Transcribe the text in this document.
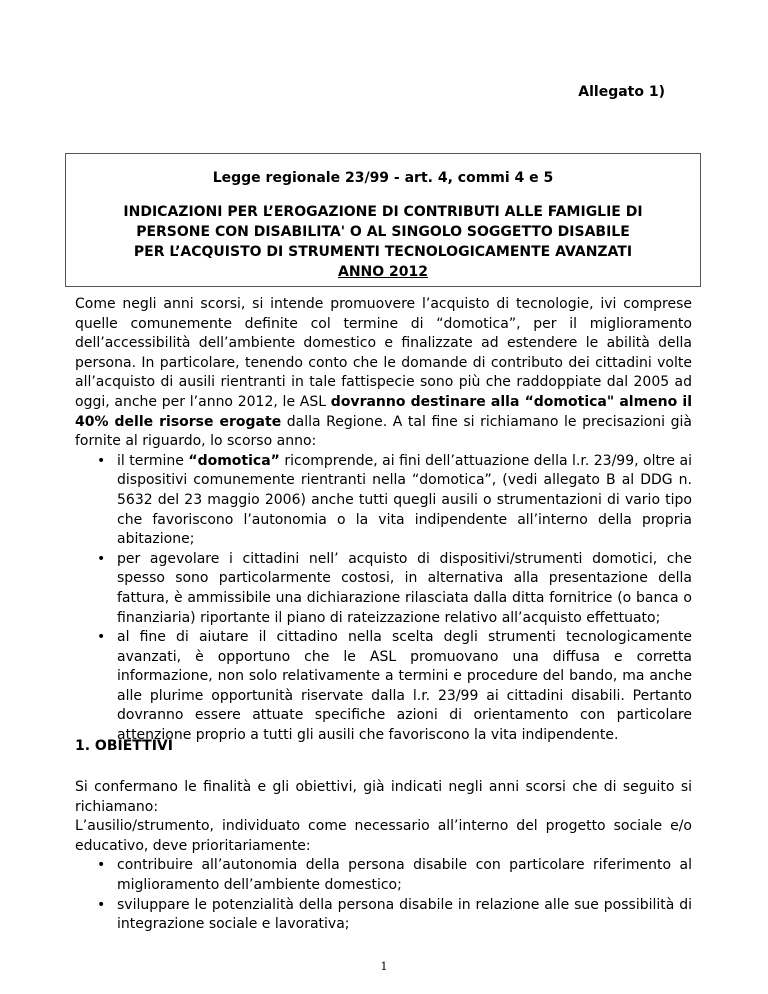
Allegato 1)
Legge regionale 23/99 - art. 4, commi 4 e 5
INDICAZIONI PER L’EROGAZIONE DI CONTRIBUTI ALLE FAMIGLIE DI
PERSONE CON DISABILITA' O AL SINGOLO SOGGETTO DISABILE
PER L’ACQUISTO DI STRUMENTI TECNOLOGICAMENTE AVANZATI
ANNO 2012
Come negli anni scorsi, si intende promuovere l’acquisto di tecnologie, ivi comprese quelle comunemente definite col termine di “domotica”, per il miglioramento dell’accessibilità dell’ambiente domestico e finalizzate ad estendere le abilità della persona. In particolare, tenendo conto che le domande di contributo dei cittadini volte all’acquisto di ausili rientranti in tale fattispecie sono più che raddoppiate dal 2005 ad oggi, anche per l’anno 2012, le ASL dovranno destinare alla “domotica" almeno il 40% delle risorse erogate dalla Regione. A tal fine si richiamano le precisazioni già fornite al riguardo, lo scorso anno:
• il termine “domotica” ricomprende, ai fini dell’attuazione della l.r. 23/99, oltre ai dispositivi comunemente rientranti nella “domotica”, (vedi allegato B al DDG n. 5632 del 23 maggio 2006) anche tutti quegli ausili o strumentazioni di vario tipo che favoriscono l’autonomia o la vita indipendente all’interno della propria abitazione;
• per agevolare i cittadini nell’ acquisto di dispositivi/strumenti domotici, che spesso sono particolarmente costosi, in alternativa alla presentazione della fattura, è ammissibile una dichiarazione rilasciata dalla ditta fornitrice (o banca o finanziaria) riportante il piano di rateizzazione relativo all’acquisto effettuato;
• al fine di aiutare il cittadino nella scelta degli strumenti tecnologicamente avanzati, è opportuno che le ASL promuovano una diffusa e corretta informazione, non solo relativamente a termini e procedure del bando, ma anche alle plurime opportunità riservate dalla l.r. 23/99 ai cittadini disabili. Pertanto dovranno essere attuate specifiche azioni di orientamento con particolare attenzione proprio a tutti gli ausili che favoriscono la vita indipendente.
1. OBIETTIVI
Si confermano le finalità e gli obiettivi, già indicati negli anni scorsi che di seguito si richiamano:
L’ausilio/strumento, individuato come necessario all’interno del progetto sociale e/o educativo, deve prioritariamente:
• contribuire all’autonomia della persona disabile con particolare riferimento al miglioramento dell’ambiente domestico;
• sviluppare le potenzialità della persona disabile in relazione alle sue possibilità di integrazione sociale e lavorativa;
1
